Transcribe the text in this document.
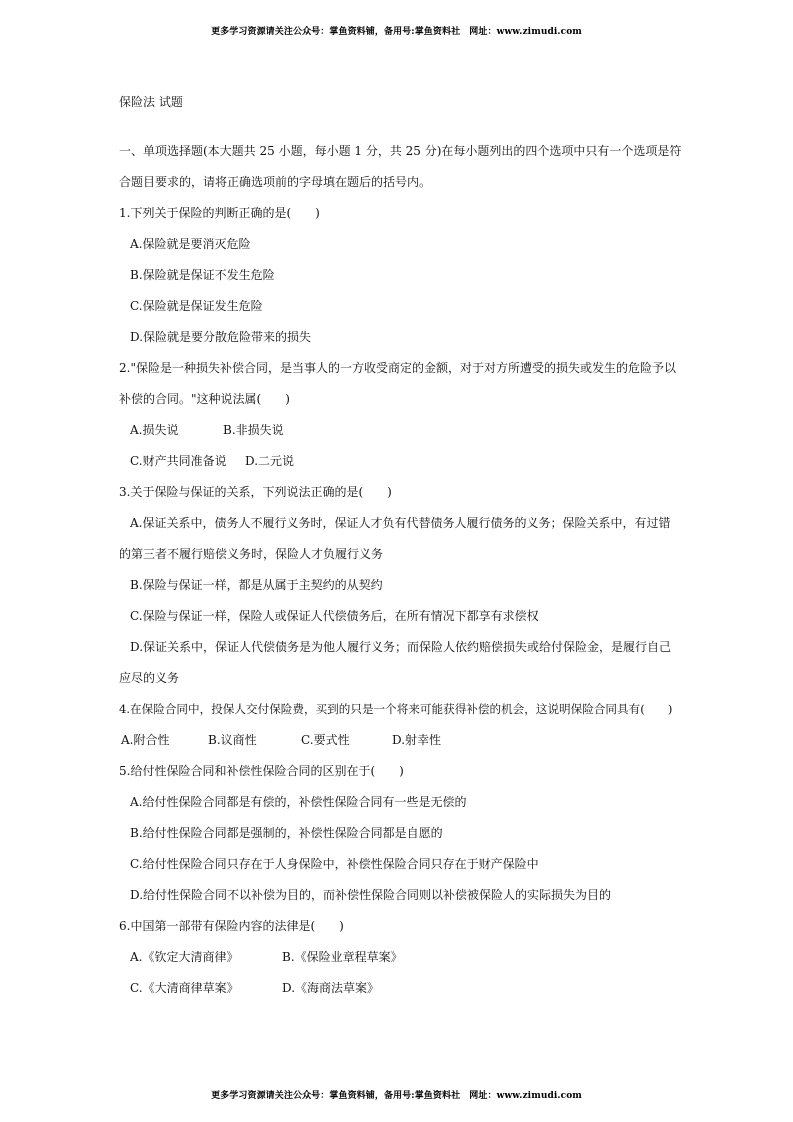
更多学习资源请关注公众号：掌鱼资料铺，备用号:掌鱼资料社　网址：www.zimudi.com
保险法 试题
一、单项选择题(本大题共 25 小题，每小题 1 分，共 25 分)在每小题列出的四个选项中只有一个选项是符
合题目要求的，请将正确选项前的字母填在题后的括号内。
1.下列关于保险的判断正确的是(　　)
A.保险就是要消灭危险
B.保险就是保证不发生危险
C.保险就是保证发生危险
D.保险就是要分散危险带来的损失
2."保险是一种损失补偿合同，是当事人的一方收受商定的金额，对于对方所遭受的损失或发生的危险予以
补偿的合同。"这种说法属(　　)
A.损失说	B.非损失说
C.财产共同准备说	D.二元说
3.关于保险与保证的关系，下列说法正确的是(　　)
A.保证关系中，债务人不履行义务时，保证人才负有代替债务人履行债务的义务；保险关系中，有过错
的第三者不履行赔偿义务时，保险人才负履行义务
B.保险与保证一样，都是从属于主契约的从契约
C.保险与保证一样，保险人或保证人代偿债务后，在所有情况下都享有求偿权
D.保证关系中，保证人代偿债务是为他人履行义务；而保险人依约赔偿损失或给付保险金，是履行自己
应尽的义务
4.在保险合同中，投保人交付保险费，买到的只是一个将来可能获得补偿的机会，这说明保险合同具有(　　)
A.附合性	B.议商性	C.要式性	D.射幸性
5.给付性保险合同和补偿性保险合同的区别在于(　　)
A.给付性保险合同都是有偿的，补偿性保险合同有一些是无偿的
B.给付性保险合同都是强制的，补偿性保险合同都是自愿的
C.给付性保险合同只存在于人身保险中，补偿性保险合同只存在于财产保险中
D.给付性保险合同不以补偿为目的，而补偿性保险合同则以补偿被保险人的实际损失为目的
6.中国第一部带有保险内容的法律是(　　)
A.《钦定大清商律》	B.《保险业章程草案》
C.《大清商律草案》	D.《海商法草案》
更多学习资源请关注公众号：掌鱼资料铺，备用号:掌鱼资料社　网址：www.zimudi.com
